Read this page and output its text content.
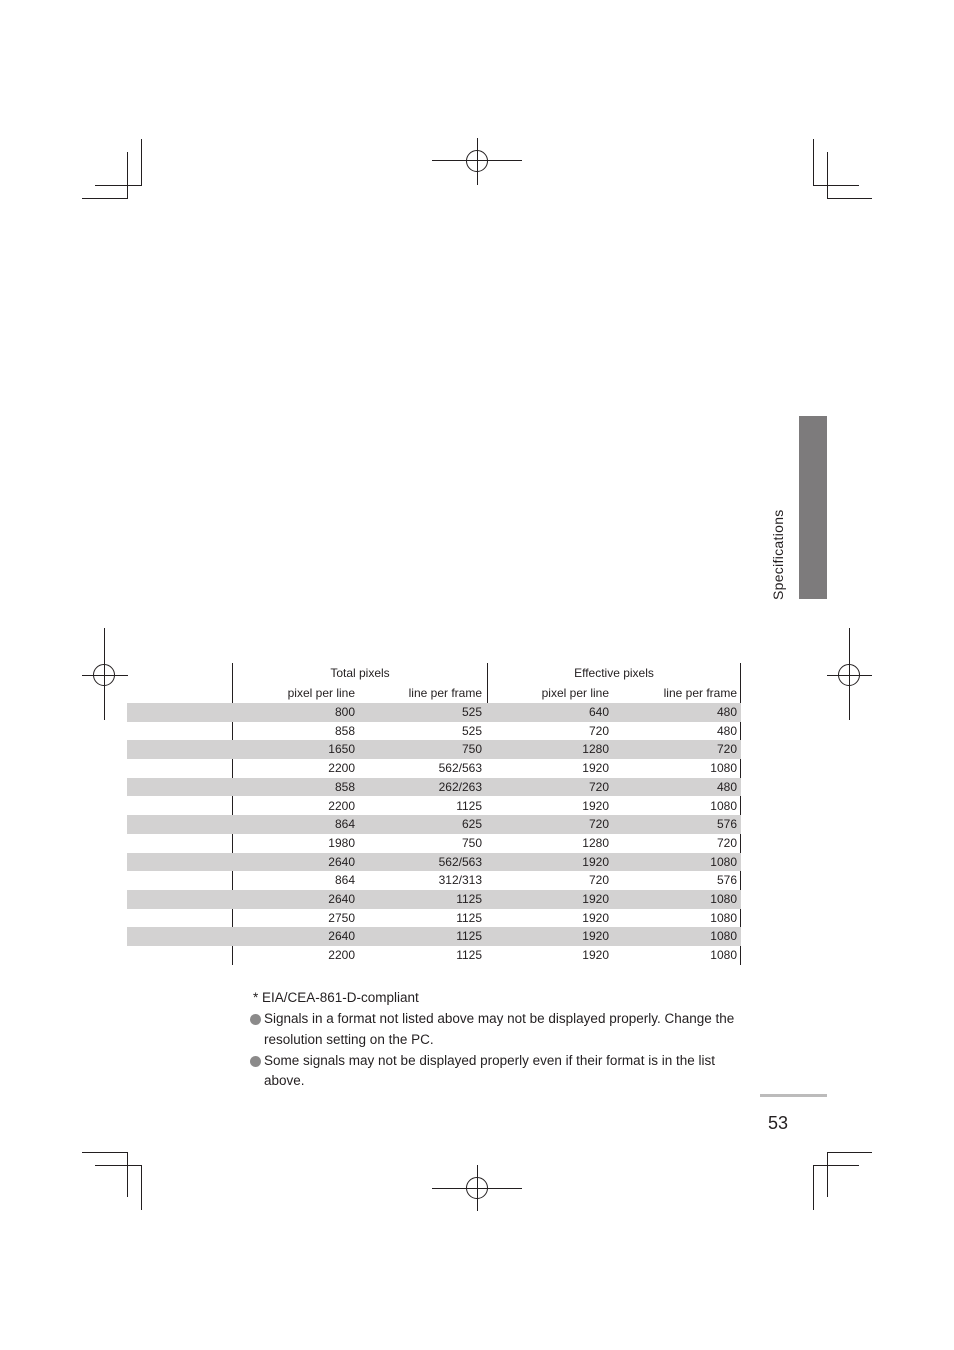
Specifications
Total pixels	Effective pixels
pixel per line	line per frame	pixel per line	line per frame
800	525	640	480
858	525	720	480
1650	750	1280	720
2200	562/563	1920	1080
858	262/263	720	480
2200	1125	1920	1080
864	625	720	576
1980	750	1280	720
2640	562/563	1920	1080
864	312/313	720	576
2640	1125	1920	1080
2750	1125	1920	1080
2640	1125	1920	1080
2200	1125	1920	1080
* EIA/CEA-861-D-compliant
Signals in a format not listed above may not be displayed properly. Change the resolution setting on the PC.
Some signals may not be displayed properly even if their format is in the list above.
53
